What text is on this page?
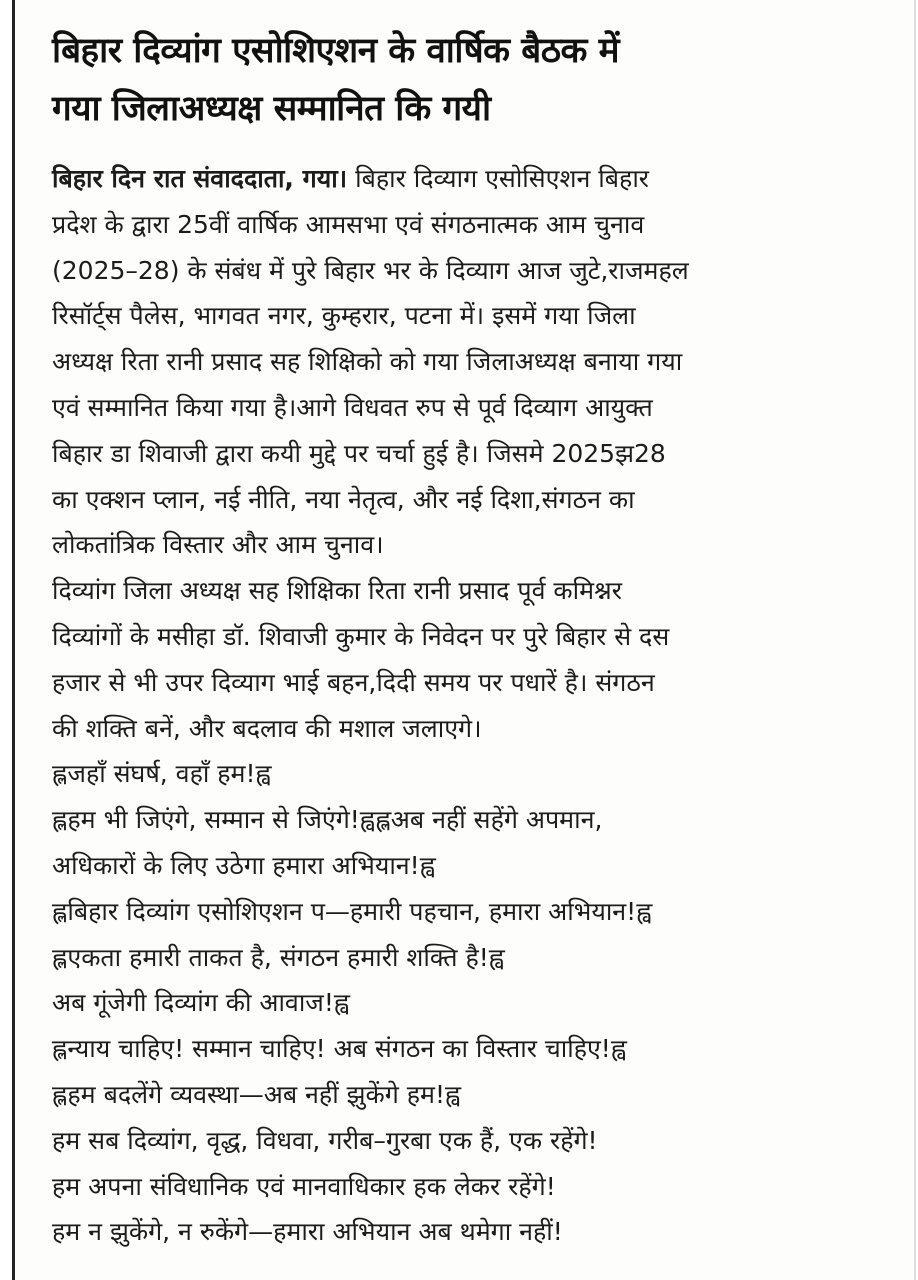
बिहार दिव्यांग एसोशिएशन के वार्षिक बैठक में
गया जिलाअध्यक्ष सम्मानित कि गयी
बिहार दिन रात संवाददाता, गया। बिहार दिव्याग एसोसिएशन बिहार
प्रदेश के द्वारा 25वीं वार्षिक आमसभा एवं संगठनात्मक आम चुनाव
(2025–28) के संबंध में पुरे बिहार भर के दिव्याग आज जुटे,राजमहल
रिसॉर्ट्स पैलेस, भागवत नगर, कुम्हरार, पटना में। इसमें गया जिला
अध्यक्ष रिता रानी प्रसाद सह शिक्षिको को गया जिलाअध्यक्ष बनाया गया
एवं सम्मानित किया गया है।आगे विधवत रुप से पूर्व दिव्याग आयुक्त
बिहार डा शिवाजी द्वारा कयी मुद्दे पर चर्चा हुई है। जिसमे 2025झ28
का एक्शन प्लान, नई नीति, नया नेतृत्व, और नई दिशा,संगठन का
लोकतांत्रिक विस्तार और आम चुनाव।
दिव्यांग जिला अध्यक्ष सह शिक्षिका रिता रानी प्रसाद पूर्व कमिश्नर
दिव्यांगों के मसीहा डॉ. शिवाजी कुमार के निवेदन पर पुरे बिहार से दस
हजार से भी उपर दिव्याग भाई बहन,दिदी समय पर पधारें है। संगठन
की शक्ति बनें, और बदलाव की मशाल जलाएगे।
ह्लजहाँ संघर्ष, वहाँ हम!ह्व
ह्लहम भी जिएंगे, सम्मान से जिएंगे!ह्वह्लअब नहीं सहेंगे अपमान,
अधिकारों के लिए उठेगा हमारा अभियान!ह्व
ह्लबिहार दिव्यांग एसोशिएशन प—हमारी पहचान, हमारा अभियान!ह्व
ह्लएकता हमारी ताकत है, संगठन हमारी शक्ति है!ह्व
अब गूंजेगी दिव्यांग की आवाज!ह्व
ह्लन्याय चाहिए! सम्मान चाहिए! अब संगठन का विस्तार चाहिए!ह्व
ह्लहम बदलेंगे व्यवस्था—अब नहीं झुकेंगे हम!ह्व
हम सब दिव्यांग, वृद्ध, विधवा, गरीब–गुरबा एक हैं, एक रहेंगे!
हम अपना संविधानिक एवं मानवाधिकार हक लेकर रहेंगे!
हम न झुकेंगे, न रुकेंगे—हमारा अभियान अब थमेगा नहीं!
